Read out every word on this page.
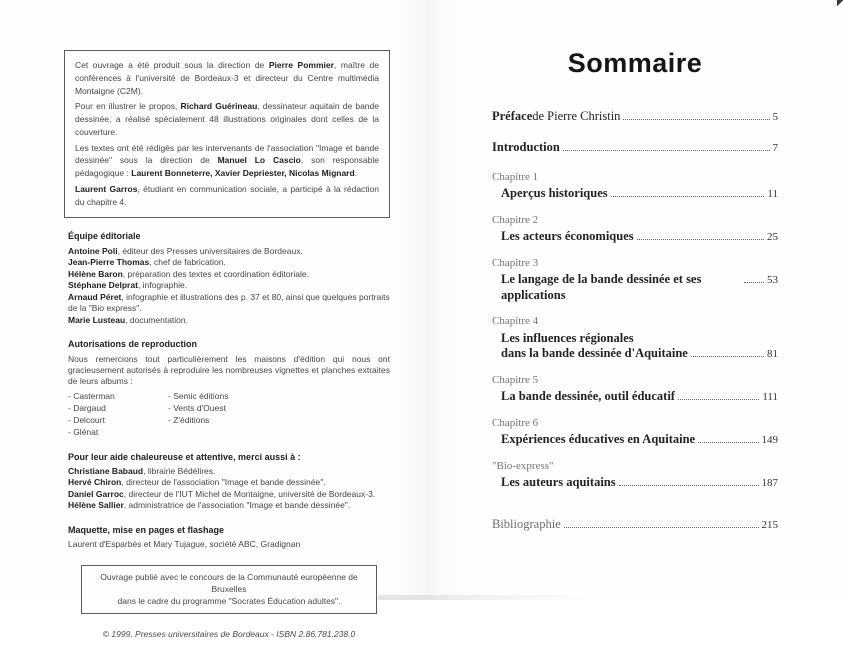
Cet ouvrage a été produit sous la direction de Pierre Pommier, maître de conférences à l'université de Bordeaux-3 et directeur du Centre multimédia Montaigne (C2M).

Pour en illustrer le propos, Richard Guérineau, dessinateur aquitain de bande dessinée, a réalisé spécialement 48 illustrations originales dont celles de la couverture.

Les textes ont été rédigés par les intervenants de l'association "Image et bande dessinée" sous la direction de Manuel Lo Cascio, son responsable pédagogique : Laurent Bonneterre, Xavier Depriester, Nicolas Mignard.

Laurent Garros, étudiant en communication sociale, a participé à la rédaction du chapitre 4.

Équipe éditoriale

Antoine Poli, éditeur des Presses universitaires de Bordeaux.

Jean-Pierre Thomas, chef de fabrication.

Hélène Baron, préparation des textes et coordination éditoriale.

Stéphane Delprat, infographie.

Arnaud Péret, infographie et illustrations des p. 37 et 80, ainsi que quelques portraits de la "Bio express".

Marie Lusteau, documentation.

Autorisations de reproduction

Nous remercions tout particulièrement les maisons d'édition qui nous ont gracieusement autorisés à reproduire les nombreuses vignettes et planches extraites de leurs albums :

- Casterman

- Dargaud

- Delcourt

- Glénat

- Semic éditions

- Vents d'Ouest

- Z'éditions

Pour leur aide chaleureuse et attentive, merci aussi à :

Christiane Babaud, librairie Bédélires.

Hervé Chiron, directeur de l'association "Image et bande dessinée".

Daniel Garroc, directeur de l'IUT Michel de Montaigne, université de Bordeaux-3.

Hélène Sallier, administratrice de l'association "Image et bande dessinée".

Maquette, mise en pages et flashage

Laurent d'Esparbès et Mary Tujague, société ABC, Gradignan

Ouvrage publié avec le concours de la Communauté européenne de Bruxelles

dans le cadre du programme "Socrates Éducation adultes".

© 1999, Presses universitaires de Bordeaux - ISBN 2.86.781.238.0

Sommaire
Préface de Pierre Christin	5
Introduction	7

Chapitre 1

Aperçus historiques	11

Chapitre 2

Les acteurs économiques	25

Chapitre 3

Le langage de la bande dessinée et ses applications
53

Chapitre 4

Les influences régionales

dans la bande dessinée d'Aquitaine	81

Chapitre 5

La bande dessinée, outil éducatif	111

Chapitre 6

Expériences éducatives en Aquitaine	149

"Bio-express"

Les auteurs aquitains	187
Bibliographie	215
